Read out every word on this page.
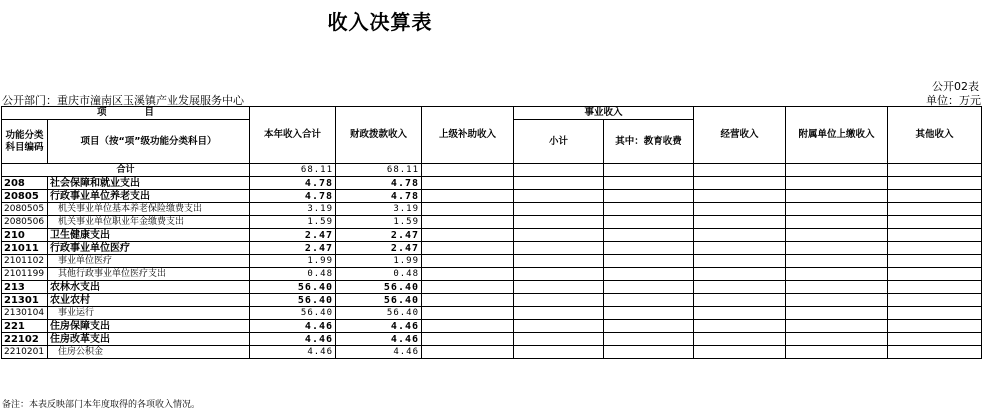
收入决算表
公开02表
公开部门：重庆市潼南区玉溪镇产业发展服务中心	单位：万元
项　　　　目		本年收入合计	财政拨款收入	上级补助收入	事业收入		经营收入	附属单位上缴收入	其他收入
功能分类科目编码	项目（按“项”级功能分类科目）				小计	其中：教育收费			

合计		68.11	68.11						
208	社会保障和就业支出	4.78	4.78						
20805	行政事业单位养老支出	4.78	4.78						
2080505	机关事业单位基本养老保险缴费支出	3.19	3.19						
2080506	机关事业单位职业年金缴费支出	1.59	1.59						
210	卫生健康支出	2.47	2.47						
21011	行政事业单位医疗	2.47	2.47						
2101102	事业单位医疗	1.99	1.99						
2101199	其他行政事业单位医疗支出	0.48	0.48						
213	农林水支出	56.40	56.40						
21301	农业农村	56.40	56.40						
2130104	事业运行	56.40	56.40						
221	住房保障支出	4.46	4.46						
22102	住房改革支出	4.46	4.46						
2210201	住房公积金	4.46	4.46						
备注：本表反映部门本年度取得的各项收入情况。
